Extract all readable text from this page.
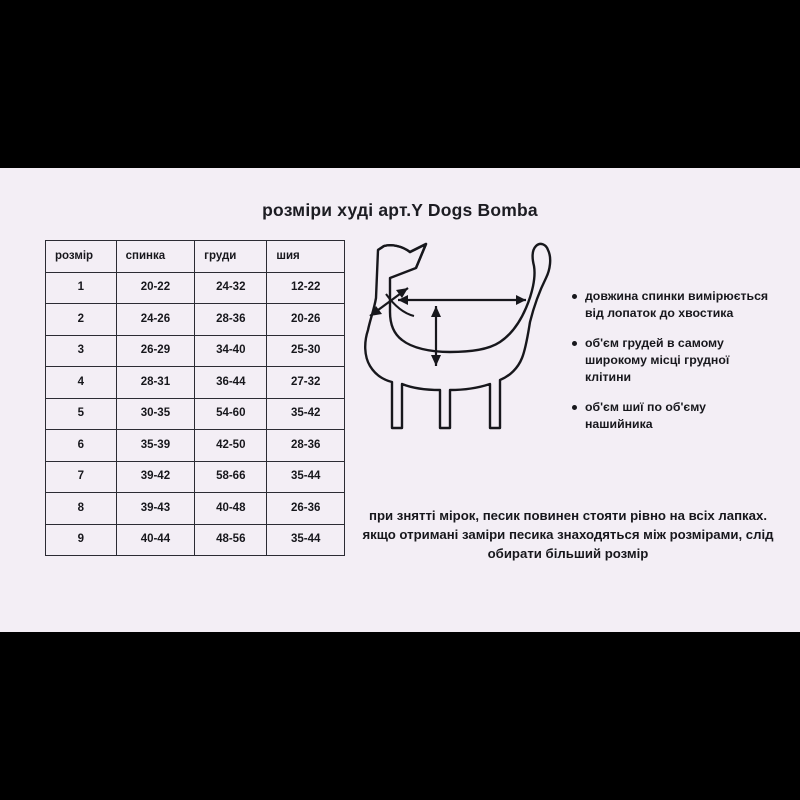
розміри худі арт.Y Dogs Bomba
розмір	спинка	груди	шия
1	20-22	24-32	12-22
2	24-26	28-36	20-26
3	26-29	34-40	25-30
4	28-31	36-44	27-32
5	30-35	54-60	35-42
6	35-39	42-50	28-36
7	39-42	58-66	35-44
8	39-43	40-48	26-36
9	40-44	48-56	35-44
довжина спинки вимірюється від лопаток до хвостика
об'єм грудей в самому широкому місці грудної клітини
об'єм шиї по об'єму нашийника
при знятті мірок, песик повинен стояти рівно на всіх лапках. якщо отримані заміри песика знаходяться між розмірами, слід обирати більший розмір
